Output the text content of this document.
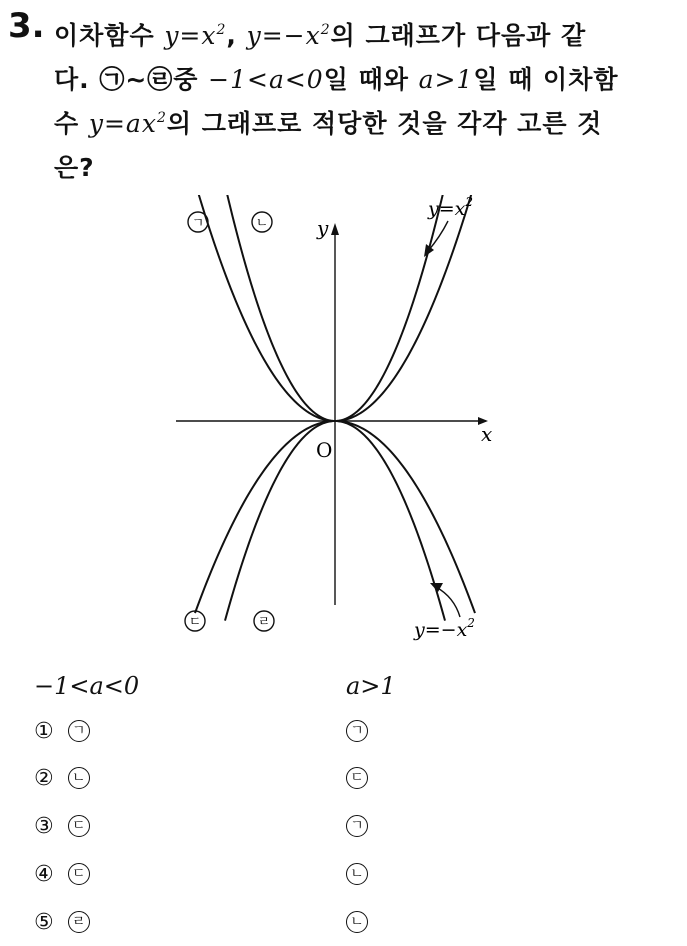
3. 이차함수 $y=x^2$, $y=-x^2$의 그래프가 다음과 같
다. ㉠~㉣중 −1<a<0일 때와 a>1일 때 이차함
수 $y=ax^2$의 그래프로 적당한 것을 각각 고른 것
은?
ㄱ	ㄴ
ㄷ	ㄹ
y
x
O
$y=x^2$
$y=-x^2$
−1<a<0	a>1
①	ㄱ	ㄱ
②	ㄴ	ㄷ
③	ㄷ	ㄱ
④	ㄷ	ㄴ
⑤	ㄹ	ㄴ
